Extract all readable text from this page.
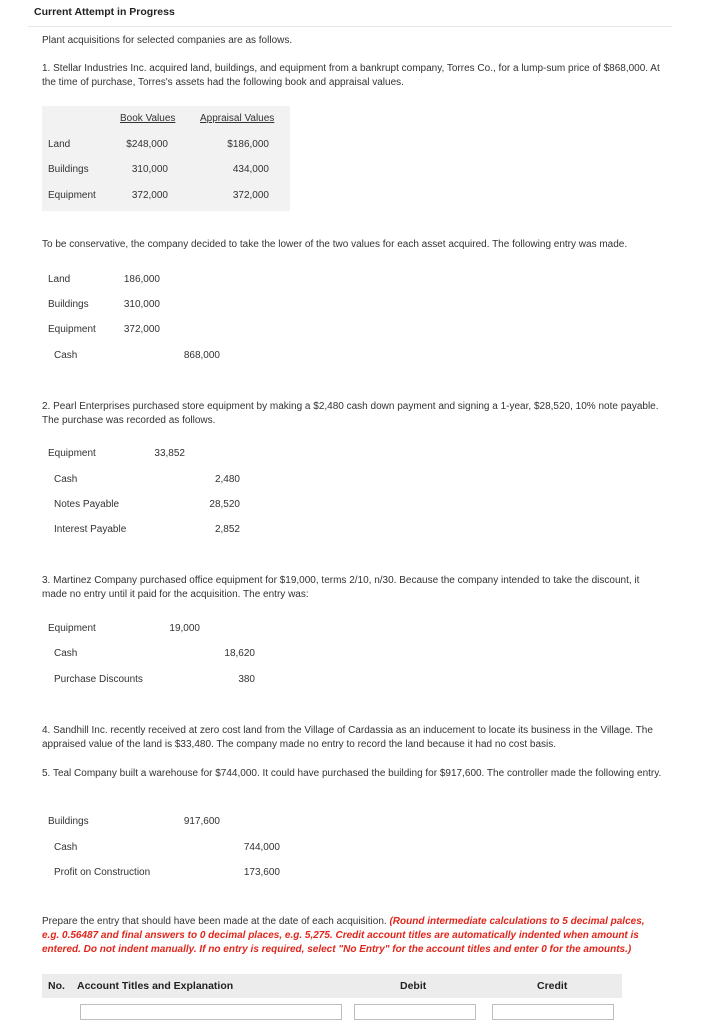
Current Attempt in Progress
Plant acquisitions for selected companies are as follows.
1. Stellar Industries Inc. acquired land, buildings, and equipment from a bankrupt company, Torres Co., for a lump-sum price of $868,000. At the time of purchase, Torres's assets had the following book and appraisal values.
Book Values Appraisal Values
Land	$248,000	$186,000
Buildings	310,000	434,000
Equipment	372,000	372,000
To be conservative, the company decided to take the lower of the two values for each asset acquired. The following entry was made.
Land	186,000
Buildings	310,000
Equipment	372,000
Cash	868,000
2. Pearl Enterprises purchased store equipment by making a $2,480 cash down payment and signing a 1-year, $28,520, 10% note payable. The purchase was recorded as follows.
Equipment	33,852
Cash	2,480
Notes Payable	28,520
Interest Payable	2,852
3. Martinez Company purchased office equipment for $19,000, terms 2/10, n/30. Because the company intended to take the discount, it made no entry until it paid for the acquisition. The entry was:
Equipment	19,000
Cash	18,620
Purchase Discounts	380
4. Sandhill Inc. recently received at zero cost land from the Village of Cardassia as an inducement to locate its business in the Village. The appraised value of the land is $33,480. The company made no entry to record the land because it had no cost basis.
5. Teal Company built a warehouse for $744,000. It could have purchased the building for $917,600. The controller made the following entry.
Buildings	917,600
Cash	744,000
Profit on Construction	173,600
Prepare the entry that should have been made at the date of each acquisition. (Round intermediate calculations to 5 decimal palces, e.g. 0.56487 and final answers to 0 decimal places, e.g. 5,275. Credit account titles are automatically indented when amount is entered. Do not indent manually. If no entry is required, select "No Entry" for the account titles and enter 0 for the amounts.)
No. Account Titles and Explanation	Debit	Credit
